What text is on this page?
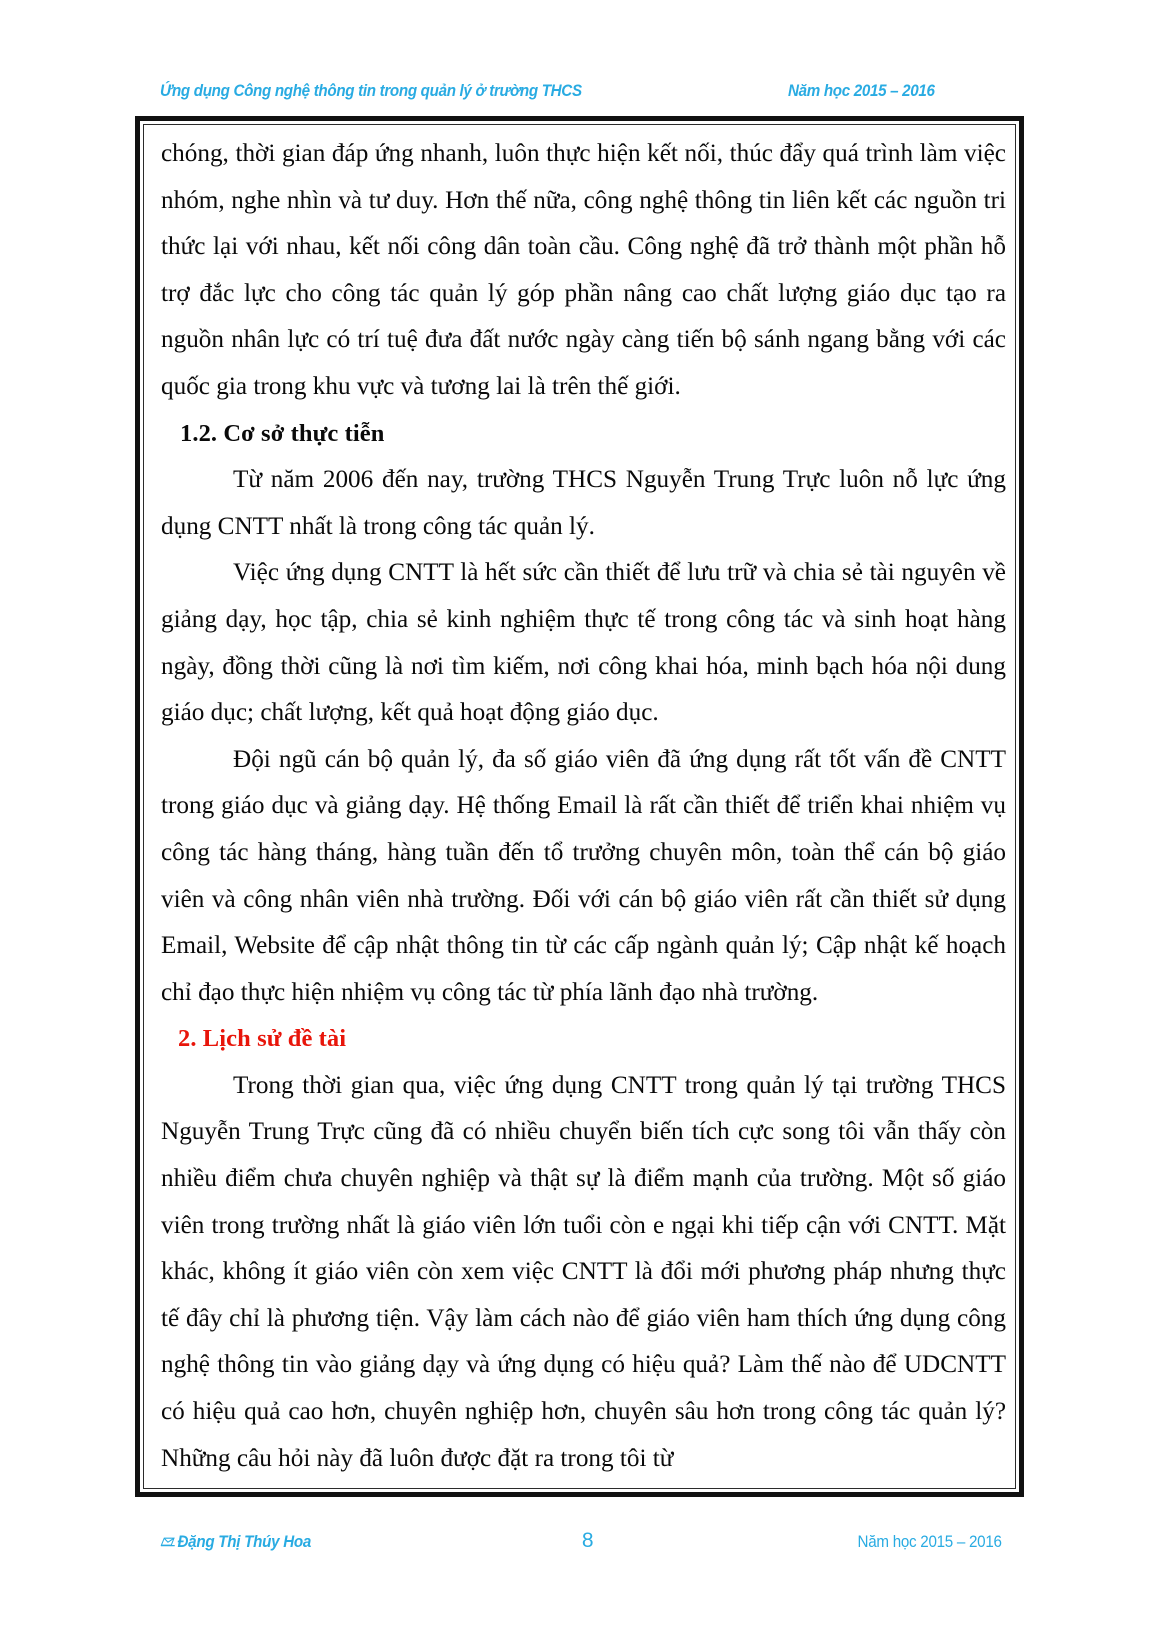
Ứng dụng Công nghệ thông tin trong quản lý ở trường THCS	Năm học 2015 – 2016

chóng, thời gian đáp ứng nhanh, luôn thực hiện kết nối, thúc đẩy quá trình làm việc nhóm, nghe nhìn và tư duy. Hơn thế nữa, công nghệ thông tin liên kết các nguồn tri thức lại với nhau, kết nối công dân toàn cầu. Công nghệ đã trở thành một phần hỗ trợ đắc lực cho công tác quản lý góp phần nâng cao chất lượng giáo dục tạo ra nguồn nhân lực có trí tuệ đưa đất nước ngày càng tiến bộ sánh ngang bằng với các quốc gia trong khu vực và tương lai là trên thế giới.

1.2. Cơ sở thực tiễn

Từ năm 2006 đến nay, trường THCS Nguyễn Trung Trực luôn nỗ lực ứng dụng CNTT nhất là trong công tác quản lý.

Việc ứng dụng CNTT là hết sức cần thiết để lưu trữ và chia sẻ tài nguyên về giảng dạy, học tập, chia sẻ kinh nghiệm thực tế trong công tác và sinh hoạt hàng ngày, đồng thời cũng là nơi tìm kiếm, nơi công khai hóa, minh bạch hóa nội dung giáo dục; chất lượng, kết quả hoạt động giáo dục.

Đội ngũ cán bộ quản lý, đa số giáo viên đã ứng dụng rất tốt vấn đề CNTT trong giáo dục và giảng dạy. Hệ thống Email là rất cần thiết để triển khai nhiệm vụ công tác hàng tháng, hàng tuần đến tổ trưởng chuyên môn, toàn thể cán bộ giáo viên và công nhân viên nhà trường. Đối với cán bộ giáo viên rất cần thiết sử dụng Email, Website để cập nhật thông tin từ các cấp ngành quản lý; Cập nhật kế hoạch chỉ đạo thực hiện nhiệm vụ công tác từ phía lãnh đạo nhà trường.

2. Lịch sử đề tài

Trong thời gian qua, việc ứng dụng CNTT trong quản lý tại trường THCS Nguyễn Trung Trực cũng đã có nhiều chuyển biến tích cực song tôi vẫn thấy còn nhiều điểm chưa chuyên nghiệp và thật sự là điểm mạnh của trường. Một số giáo viên trong trường nhất là giáo viên lớn tuổi còn e ngại khi tiếp cận với CNTT. Mặt khác, không ít giáo viên còn xem việc CNTT là đổi mới phương pháp nhưng thực tế đây chỉ là phương tiện. Vậy làm cách nào để giáo viên ham thích ứng dụng công nghệ thông tin vào giảng dạy và ứng dụng có hiệu quả? Làm thế nào để UDCNTT có hiệu quả cao hơn, chuyên nghiệp hơn, chuyên sâu hơn trong công tác quản lý? Những câu hỏi này đã luôn được đặt ra trong tôi từ

Đặng Thị Thúy Hoa	8	Năm học 2015 – 2016
